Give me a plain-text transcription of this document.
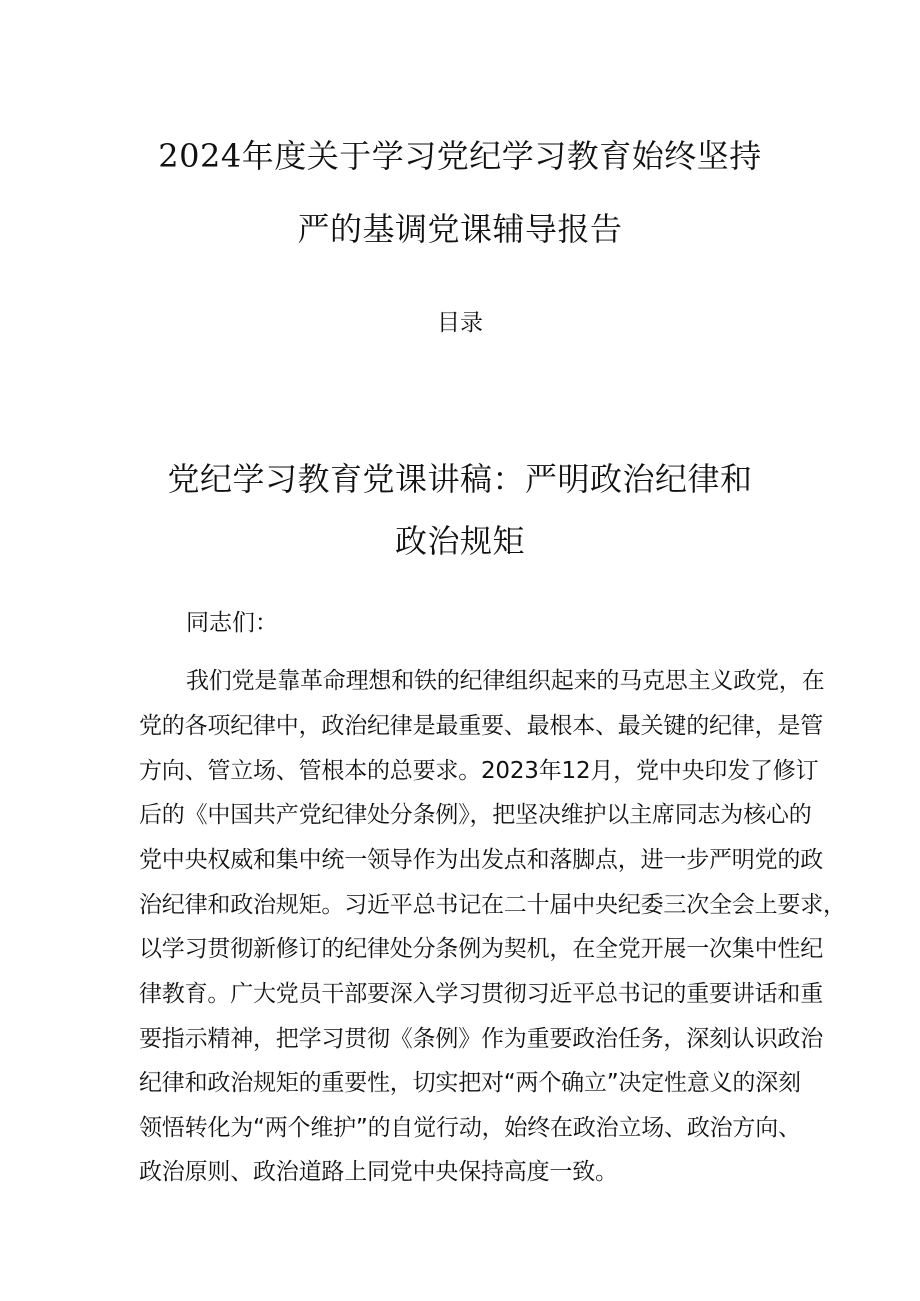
2024年度关于学习党纪学习教育始终坚持
严的基调党课辅导报告
目录
党纪学习教育党课讲稿：严明政治纪律和
政治规矩
同志们：
我们党是靠革命理想和铁的纪律组织起来的马克思主义政党，在
党的各项纪律中，政治纪律是最重要、最根本、最关键的纪律，是管
方向、管立场、管根本的总要求。2023年12月，党中央印发了修订
后的《中国共产党纪律处分条例》，把坚决维护以主席同志为核心的
党中央权威和集中统一领导作为出发点和落脚点，进一步严明党的政
治纪律和政治规矩。习近平总书记在二十届中央纪委三次全会上要求，
以学习贯彻新修订的纪律处分条例为契机，在全党开展一次集中性纪
律教育。广大党员干部要深入学习贯彻习近平总书记的重要讲话和重
要指示精神，把学习贯彻《条例》作为重要政治任务，深刻认识政治
纪律和政治规矩的重要性，切实把对“两个确立”决定性意义的深刻
领悟转化为“两个维护”的自觉行动，始终在政治立场、政治方向、
政治原则、政治道路上同党中央保持高度一致。
